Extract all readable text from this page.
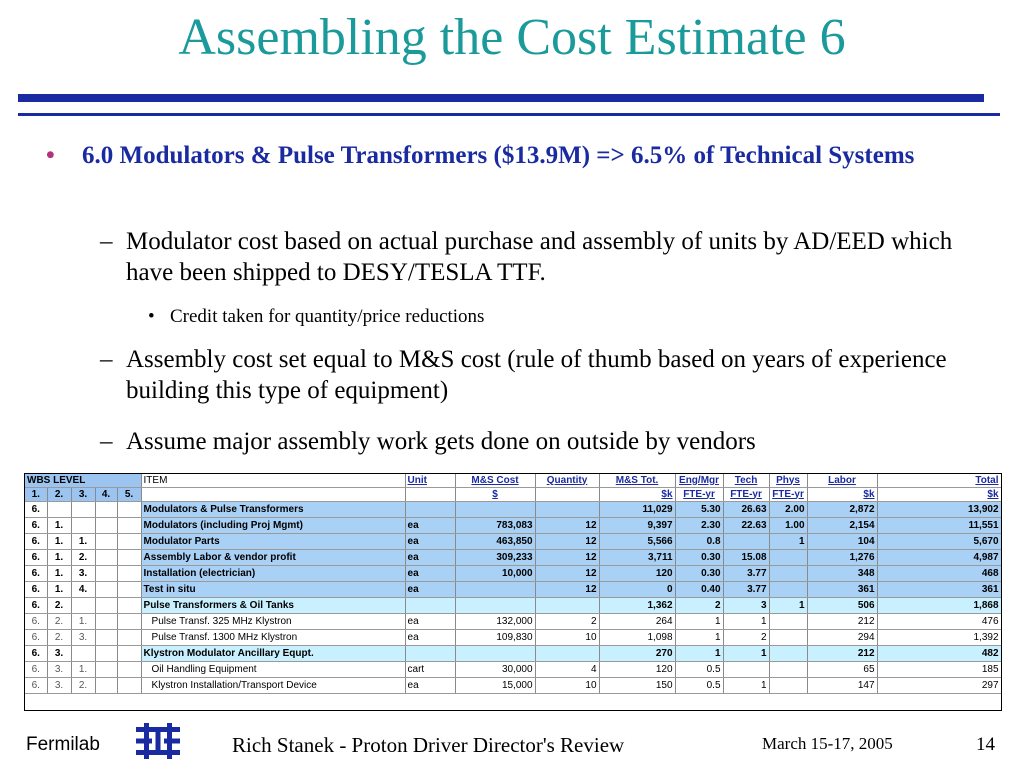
Assembling the Cost Estimate 6
• 6.0 Modulators & Pulse Transformers ($13.9M) => 6.5% of Technical Systems
– Modulator cost based on actual purchase and assembly of units by AD/EED which have been shipped to DESY/TESLA TTF.
• Credit taken for quantity/price reductions
– Assembly cost set equal to M&S cost (rule of thumb based on years of experience building this type of equipment)
– Assume major assembly work gets done on outside by vendors
WBS LEVEL					ITEM	Unit	M&S Cost	Quantity	M&S Tot.	Eng/Mgr	Tech	Phys	Labor	Total
1.	2.	3.	4.	5.			$		$k	FTE-yr	FTE-yr	FTE-yr	$k	$k
6.					Modulators & Pulse Transformers				11,029	5.30	26.63	2.00	2,872	13,902
6.	1.				Modulators (including Proj Mgmt)	ea	783,083	12	9,397	2.30	22.63	1.00	2,154	11,551
6.	1.	1.			Modulator Parts	ea	463,850	12	5,566	0.8		1	104	5,670
6.	1.	2.			Assembly Labor & vendor profit	ea	309,233	12	3,711	0.30	15.08		1,276	4,987
6.	1.	3.			Installation (electrician)	ea	10,000	12	120	0.30	3.77		348	468
6.	1.	4.			Test in situ	ea		12	0	0.40	3.77		361	361
6.	2.				Pulse Transformers & Oil Tanks				1,362	2	3	1	506	1,868
6.	2.	1.			Pulse Transf. 325 MHz Klystron	ea	132,000	2	264	1	1		212	476
6.	2.	3.			Pulse Transf. 1300 MHz Klystron	ea	109,830	10	1,098	1	2		294	1,392
6.	3.				Klystron Modulator Ancillary Equpt.				270	1	1		212	482
6.	3.	1.			Oil Handling Equipment	cart	30,000	4	120	0.5			65	185
6.	3.	2.			Klystron Installation/Transport Device	ea	15,000	10	150	0.5	1		147	297
Fermilab	Rich Stanek - Proton Driver Director's Review	March 15-17, 2005	14
